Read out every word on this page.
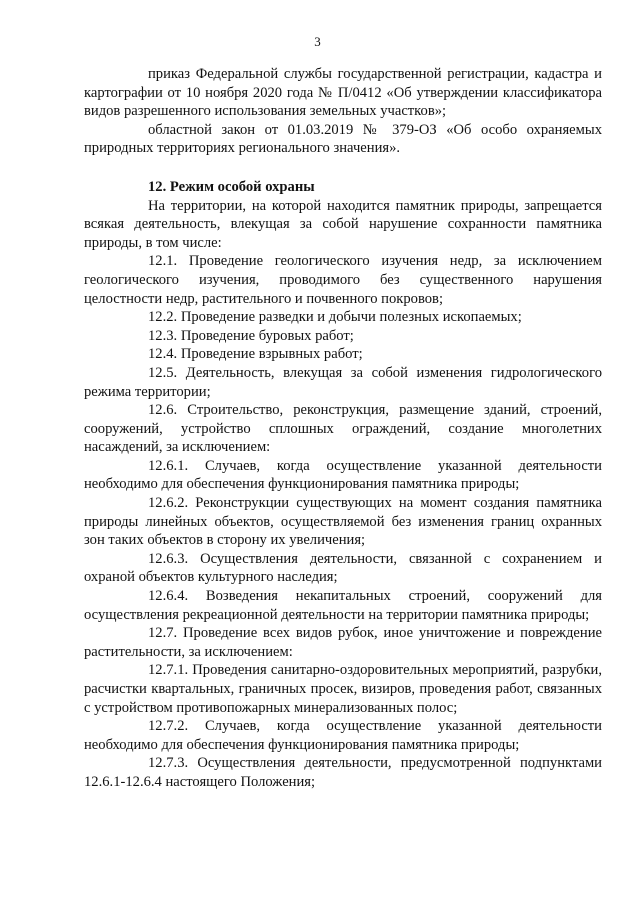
3

приказ Федеральной службы государственной регистрации, кадастра и картографии от 10 ноября 2020 года № П/0412 «Об утверждении классификатора видов разрешенного использования земельных участков»;

областной закон от 01.03.2019 № 379-ОЗ «Об особо охраняемых природных территориях регионального значения».

12. Режим особой охраны

На территории, на которой находится памятник природы, запрещается всякая деятельность, влекущая за собой нарушение сохранности памятника природы, в том числе:

12.1. Проведение геологического изучения недр, за исключением геологического изучения, проводимого без существенного нарушения целостности недр, растительного и почвенного покровов;

12.2. Проведение разведки и добычи полезных ископаемых;

12.3. Проведение буровых работ;

12.4. Проведение взрывных работ;

12.5. Деятельность, влекущая за собой изменения гидрологического режима территории;

12.6. Строительство, реконструкция, размещение зданий, строений, сооружений, устройство сплошных ограждений, создание многолетних насаждений, за исключением:

12.6.1. Случаев, когда осуществление указанной деятельности необходимо для обеспечения функционирования памятника природы;

12.6.2. Реконструкции существующих на момент создания памятника природы линейных объектов, осуществляемой без изменения границ охранных зон таких объектов в сторону их увеличения;

12.6.3. Осуществления деятельности, связанной с сохранением и охраной объектов культурного наследия;

12.6.4. Возведения некапитальных строений, сооружений для осуществления рекреационной деятельности на территории памятника природы;

12.7. Проведение всех видов рубок, иное уничтожение и повреждение растительности, за исключением:

12.7.1. Проведения санитарно-оздоровительных мероприятий, разрубки, расчистки квартальных, граничных просек, визиров, проведения работ, связанных с устройством противопожарных минерализованных полос;

12.7.2. Случаев, когда осуществление указанной деятельности необходимо для обеспечения функционирования памятника природы;

12.7.3. Осуществления деятельности, предусмотренной подпунктами 12.6.1-12.6.4 настоящего Положения;
